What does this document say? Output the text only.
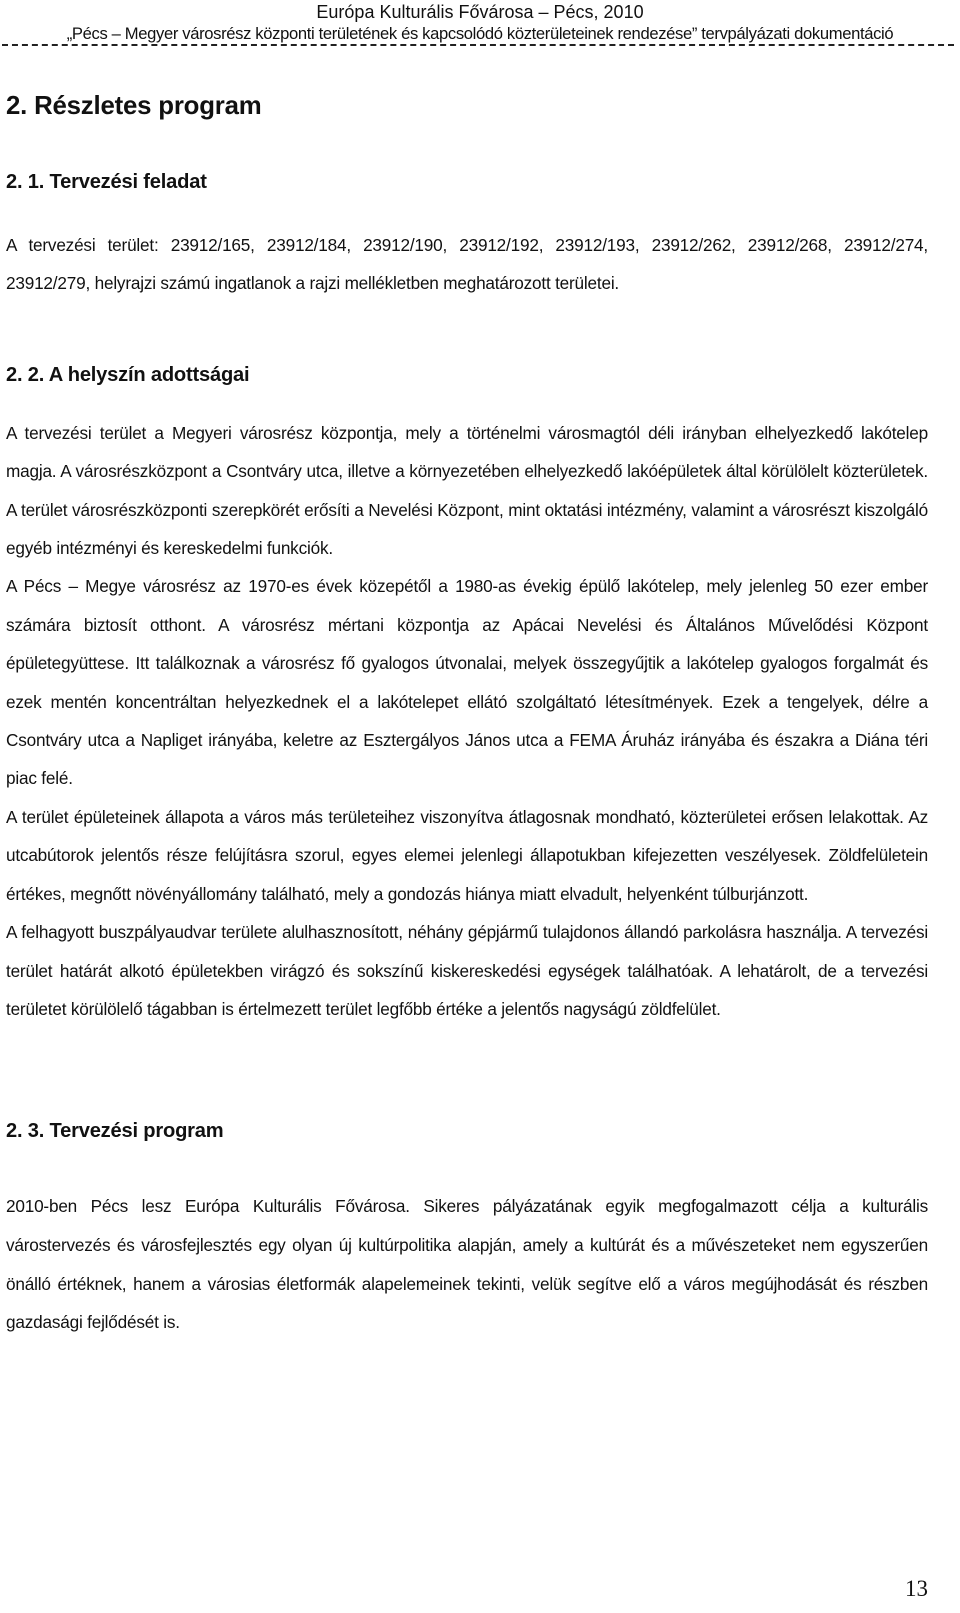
Európa Kulturális Fővárosa – Pécs, 2010
„Pécs – Megyer városrész központi területének és kapcsolódó közterületeinek rendezése” tervpályázati dokumentáció
2. Részletes program
2. 1. Tervezési feladat

A tervezési terület: 23912/165, 23912/184, 23912/190, 23912/192, 23912/193, 23912/262, 23912/268, 23912/274, 23912/279, helyrajzi számú ingatlanok a rajzi mellékletben meghatározott területei.

2. 2. A helyszín adottságai

A tervezési terület a Megyeri városrész központja, mely a történelmi városmagtól déli irányban elhelyezkedő lakótelep magja. A városrészközpont a Csontváry utca, illetve a környezetében elhelyezkedő lakóépületek által körülölelt közterületek. A terület városrészközponti szerepkörét erősíti a Nevelési Központ, mint oktatási intézmény, valamint a városrészt kiszolgáló egyéb intézményi és kereskedelmi funkciók.

A Pécs – Megye városrész az 1970-es évek közepétől a 1980-as évekig épülő lakótelep, mely jelenleg 50 ezer ember számára biztosít otthont. A városrész mértani központja az Apácai Nevelési és Általános Művelődési Központ épületegyüttese. Itt találkoznak a városrész fő gyalogos útvonalai, melyek összegyűjtik a lakótelep gyalogos forgalmát és ezek mentén koncentráltan helyezkednek el a lakótelepet ellátó szolgáltató létesítmények. Ezek a tengelyek, délre a Csontváry utca a Napliget irányába, keletre az Esztergályos János utca a FEMA Áruház irányába és északra a Diána téri piac felé.

A terület épületeinek állapota a város más területeihez viszonyítva átlagosnak mondható, közterületei erősen lelakottak. Az utcabútorok jelentős része felújításra szorul, egyes elemei jelenlegi állapotukban kifejezetten veszélyesek. Zöldfelületein értékes, megnőtt növényállomány található, mely a gondozás hiánya miatt elvadult, helyenként túlburjánzott.

A felhagyott buszpályaudvar területe alulhasznosított, néhány gépjármű tulajdonos állandó parkolásra használja. A tervezési terület határát alkotó épületekben virágzó és sokszínű kiskereskedési egységek találhatóak. A lehatárolt, de a tervezési területet körülölelő tágabban is értelmezett terület legfőbb értéke a jelentős nagyságú zöldfelület.

2. 3. Tervezési program

2010-ben Pécs lesz Európa Kulturális Fővárosa. Sikeres pályázatának egyik megfogalmazott célja a kulturális várostervezés és városfejlesztés egy olyan új kultúrpolitika alapján, amely a kultúrát és a művészeteket nem egyszerűen önálló értéknek, hanem a városias életformák alapelemeinek tekinti, velük segítve elő a város megújhodását és részben gazdasági fejlődését is.

13
